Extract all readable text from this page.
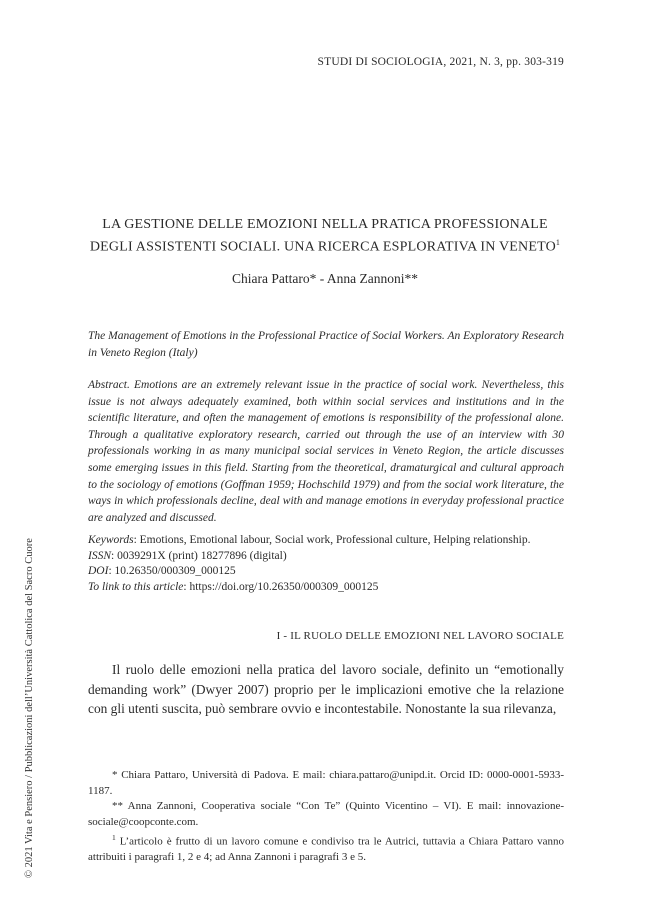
STUDI DI SOCIOLOGIA, 2021, N. 3, pp. 303-319
LA GESTIONE DELLE EMOZIONI NELLA PRATICA PROFESSIONALE
DEGLI ASSISTENTI SOCIALI. UNA RICERCA ESPLORATIVA IN VENETO$^1$
Chiara Pattaro* - Anna Zannoni**
The Management of Emotions in the Professional Practice of Social Workers. An Exploratory Research in Veneto Region (Italy)
Abstract. Emotions are an extremely relevant issue in the practice of social work. Nevertheless, this issue is not always adequately examined, both within social services and institutions and in the scientific literature, and often the management of emotions is responsibility of the professional alone. Through a qualitative exploratory research, carried out through the use of an interview with 30 professionals working in as many municipal social services in Veneto Region, the article discusses some emerging issues in this field. Starting from the theoretical, dramaturgical and cultural approach to the sociology of emotions (Goffman 1959; Hochschild 1979) and from the social work literature, the ways in which professionals decline, deal with and manage emotions in everyday professional practice are analyzed and discussed.
Keywords: Emotions, Emotional labour, Social work, Professional culture, Helping relationship.
ISSN: 0039291X (print) 18277896 (digital)
DOI: 10.26350/000309_000125
To link to this article: https://doi.org/10.26350/000309_000125
I - IL RUOLO DELLE EMOZIONI NEL LAVORO SOCIALE
Il ruolo delle emozioni nella pratica del lavoro sociale, definito un “emotionally demanding work” (Dwyer 2007) proprio per le implicazioni emotive che la relazione con gli utenti suscita, può sembrare ovvio e incontestabile. Nonostante la sua rilevanza,

* Chiara Pattaro, Università di Padova. E mail: chiara.pattaro@unipd.it. Orcid ID: 0000-0001-5933-1187.

** Anna Zannoni, Cooperativa sociale “Con Te” (Quinto Vicentino – VI). E mail: innovazione-sociale@coopconte.com.

$^1$ L’articolo è frutto di un lavoro comune e condiviso tra le Autrici, tuttavia a Chiara Pattaro vanno attribuiti i paragrafi 1, 2 e 4; ad Anna Zannoni i paragrafi 3 e 5.

© 2021 Vita e Pensiero / Pubblicazioni dell’Università Cattolica del Sacro Cuore
